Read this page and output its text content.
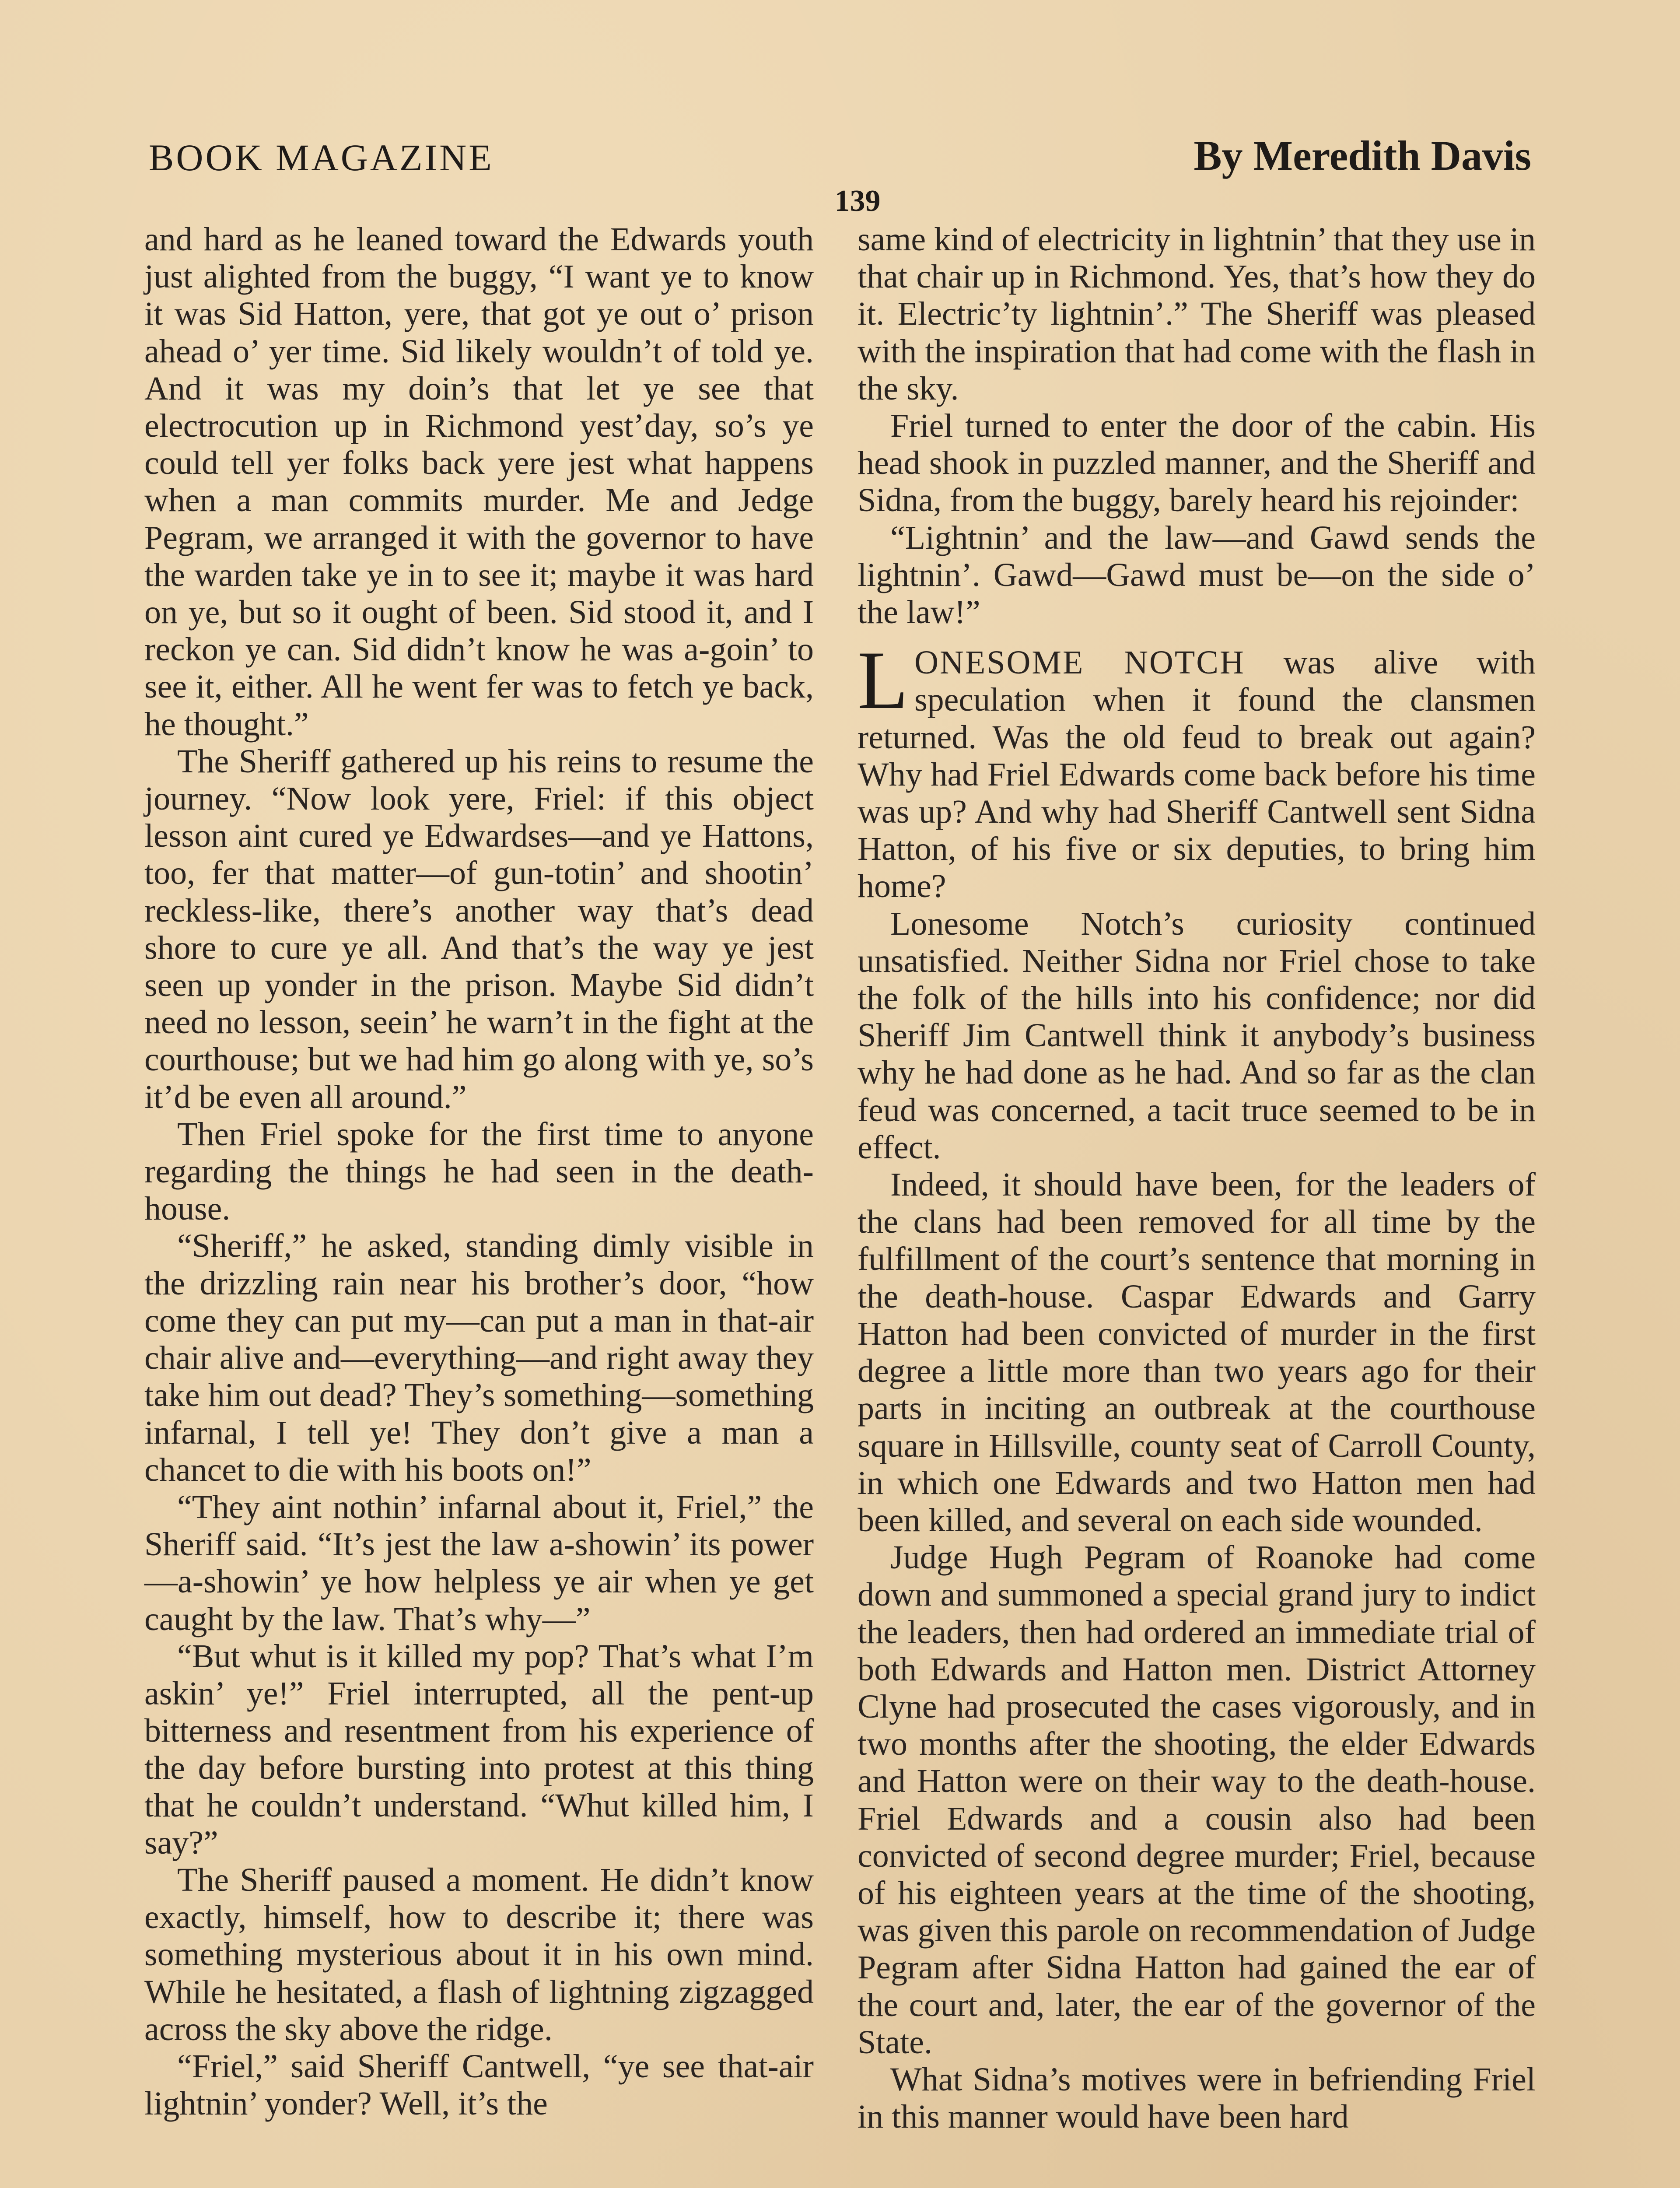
BOOK MAGAZINE	By Meredith Davis
139

and hard as he leaned toward the Edwards youth just alighted from the buggy, “I want ye to know it was Sid Hatton, yere, that got ye out o’ prison ahead o’ yer time. Sid likely wouldn’t of told ye. And it was my doin’s that let ye see that electrocution up in Richmond yest’day, so’s ye could tell yer folks back yere jest what happens when a man commits murder. Me and Jedge Pegram, we arranged it with the governor to have the warden take ye in to see it; maybe it was hard on ye, but so it ought of been. Sid stood it, and I reckon ye can. Sid didn’t know he was a-goin’ to see it, either. All he went fer was to fetch ye back, he thought.”

The Sheriff gathered up his reins to resume the journey. “Now look yere, Friel: if this object lesson aint cured ye Edwardses—and ye Hattons, too, fer that matter—of gun-totin’ and shootin’ reckless-like, there’s another way that’s dead shore to cure ye all. And that’s the way ye jest seen up yonder in the prison. Maybe Sid didn’t need no lesson, seein’ he warn’t in the fight at the courthouse; but we had him go along with ye, so’s it’d be even all around.”

Then Friel spoke for the first time to anyone regarding the things he had seen in the death-house.

“Sheriff,” he asked, standing dimly visible in the drizzling rain near his brother’s door, “how come they can put my—can put a man in that-air chair alive and—everything—and right away they take him out dead? They’s something—something infarnal, I tell ye! They don’t give a man a chancet to die with his boots on!”

“They aint nothin’ infarnal about it, Friel,” the Sheriff said. “It’s jest the law a-showin’ its power—a-showin’ ye how helpless ye air when ye get caught by the law. That’s why—”

“But whut is it killed my pop? That’s what I’m askin’ ye!” Friel interrupted, all the pent-up bitterness and resentment from his experience of the day before bursting into protest at this thing that he couldn’t understand. “Whut killed him, I say?”

The Sheriff paused a moment. He didn’t know exactly, himself, how to describe it; there was something mysterious about it in his own mind. While he hesitated, a flash of lightning zigzagged across the sky above the ridge.

“Friel,” said Sheriff Cantwell, “ye see that-air lightnin’ yonder? Well, it’s the

same kind of electricity in lightnin’ that they use in that chair up in Richmond. Yes, that’s how they do it. Electric’ty lightnin’.” The Sheriff was pleased with the inspiration that had come with the flash in the sky.

Friel turned to enter the door of the cabin. His head shook in puzzled manner, and the Sheriff and Sidna, from the buggy, barely heard his rejoinder:

“Lightnin’ and the law—and Gawd sends the lightnin’. Gawd—Gawd must be—on the side o’ the law!”

LONESOME NOTCH was alive with speculation when it found the clansmen returned. Was the old feud to break out again? Why had Friel Edwards come back before his time was up? And why had Sheriff Cantwell sent Sidna Hatton, of his five or six deputies, to bring him home?

Lonesome Notch’s curiosity continued unsatisfied. Neither Sidna nor Friel chose to take the folk of the hills into his confidence; nor did Sheriff Jim Cantwell think it anybody’s business why he had done as he had. And so far as the clan feud was concerned, a tacit truce seemed to be in effect.

Indeed, it should have been, for the leaders of the clans had been removed for all time by the fulfillment of the court’s sentence that morning in the death-house. Caspar Edwards and Garry Hatton had been convicted of murder in the first degree a little more than two years ago for their parts in inciting an outbreak at the courthouse square in Hillsville, county seat of Carroll County, in which one Edwards and two Hatton men had been killed, and several on each side wounded.

Judge Hugh Pegram of Roanoke had come down and summoned a special grand jury to indict the leaders, then had ordered an immediate trial of both Edwards and Hatton men. District Attorney Clyne had prosecuted the cases vigorously, and in two months after the shooting, the elder Edwards and Hatton were on their way to the death-house. Friel Edwards and a cousin also had been convicted of second degree murder; Friel, because of his eighteen years at the time of the shooting, was given this parole on recommendation of Judge Pegram after Sidna Hatton had gained the ear of the court and, later, the ear of the governor of the State.

What Sidna’s motives were in befriending Friel in this manner would have been hard
